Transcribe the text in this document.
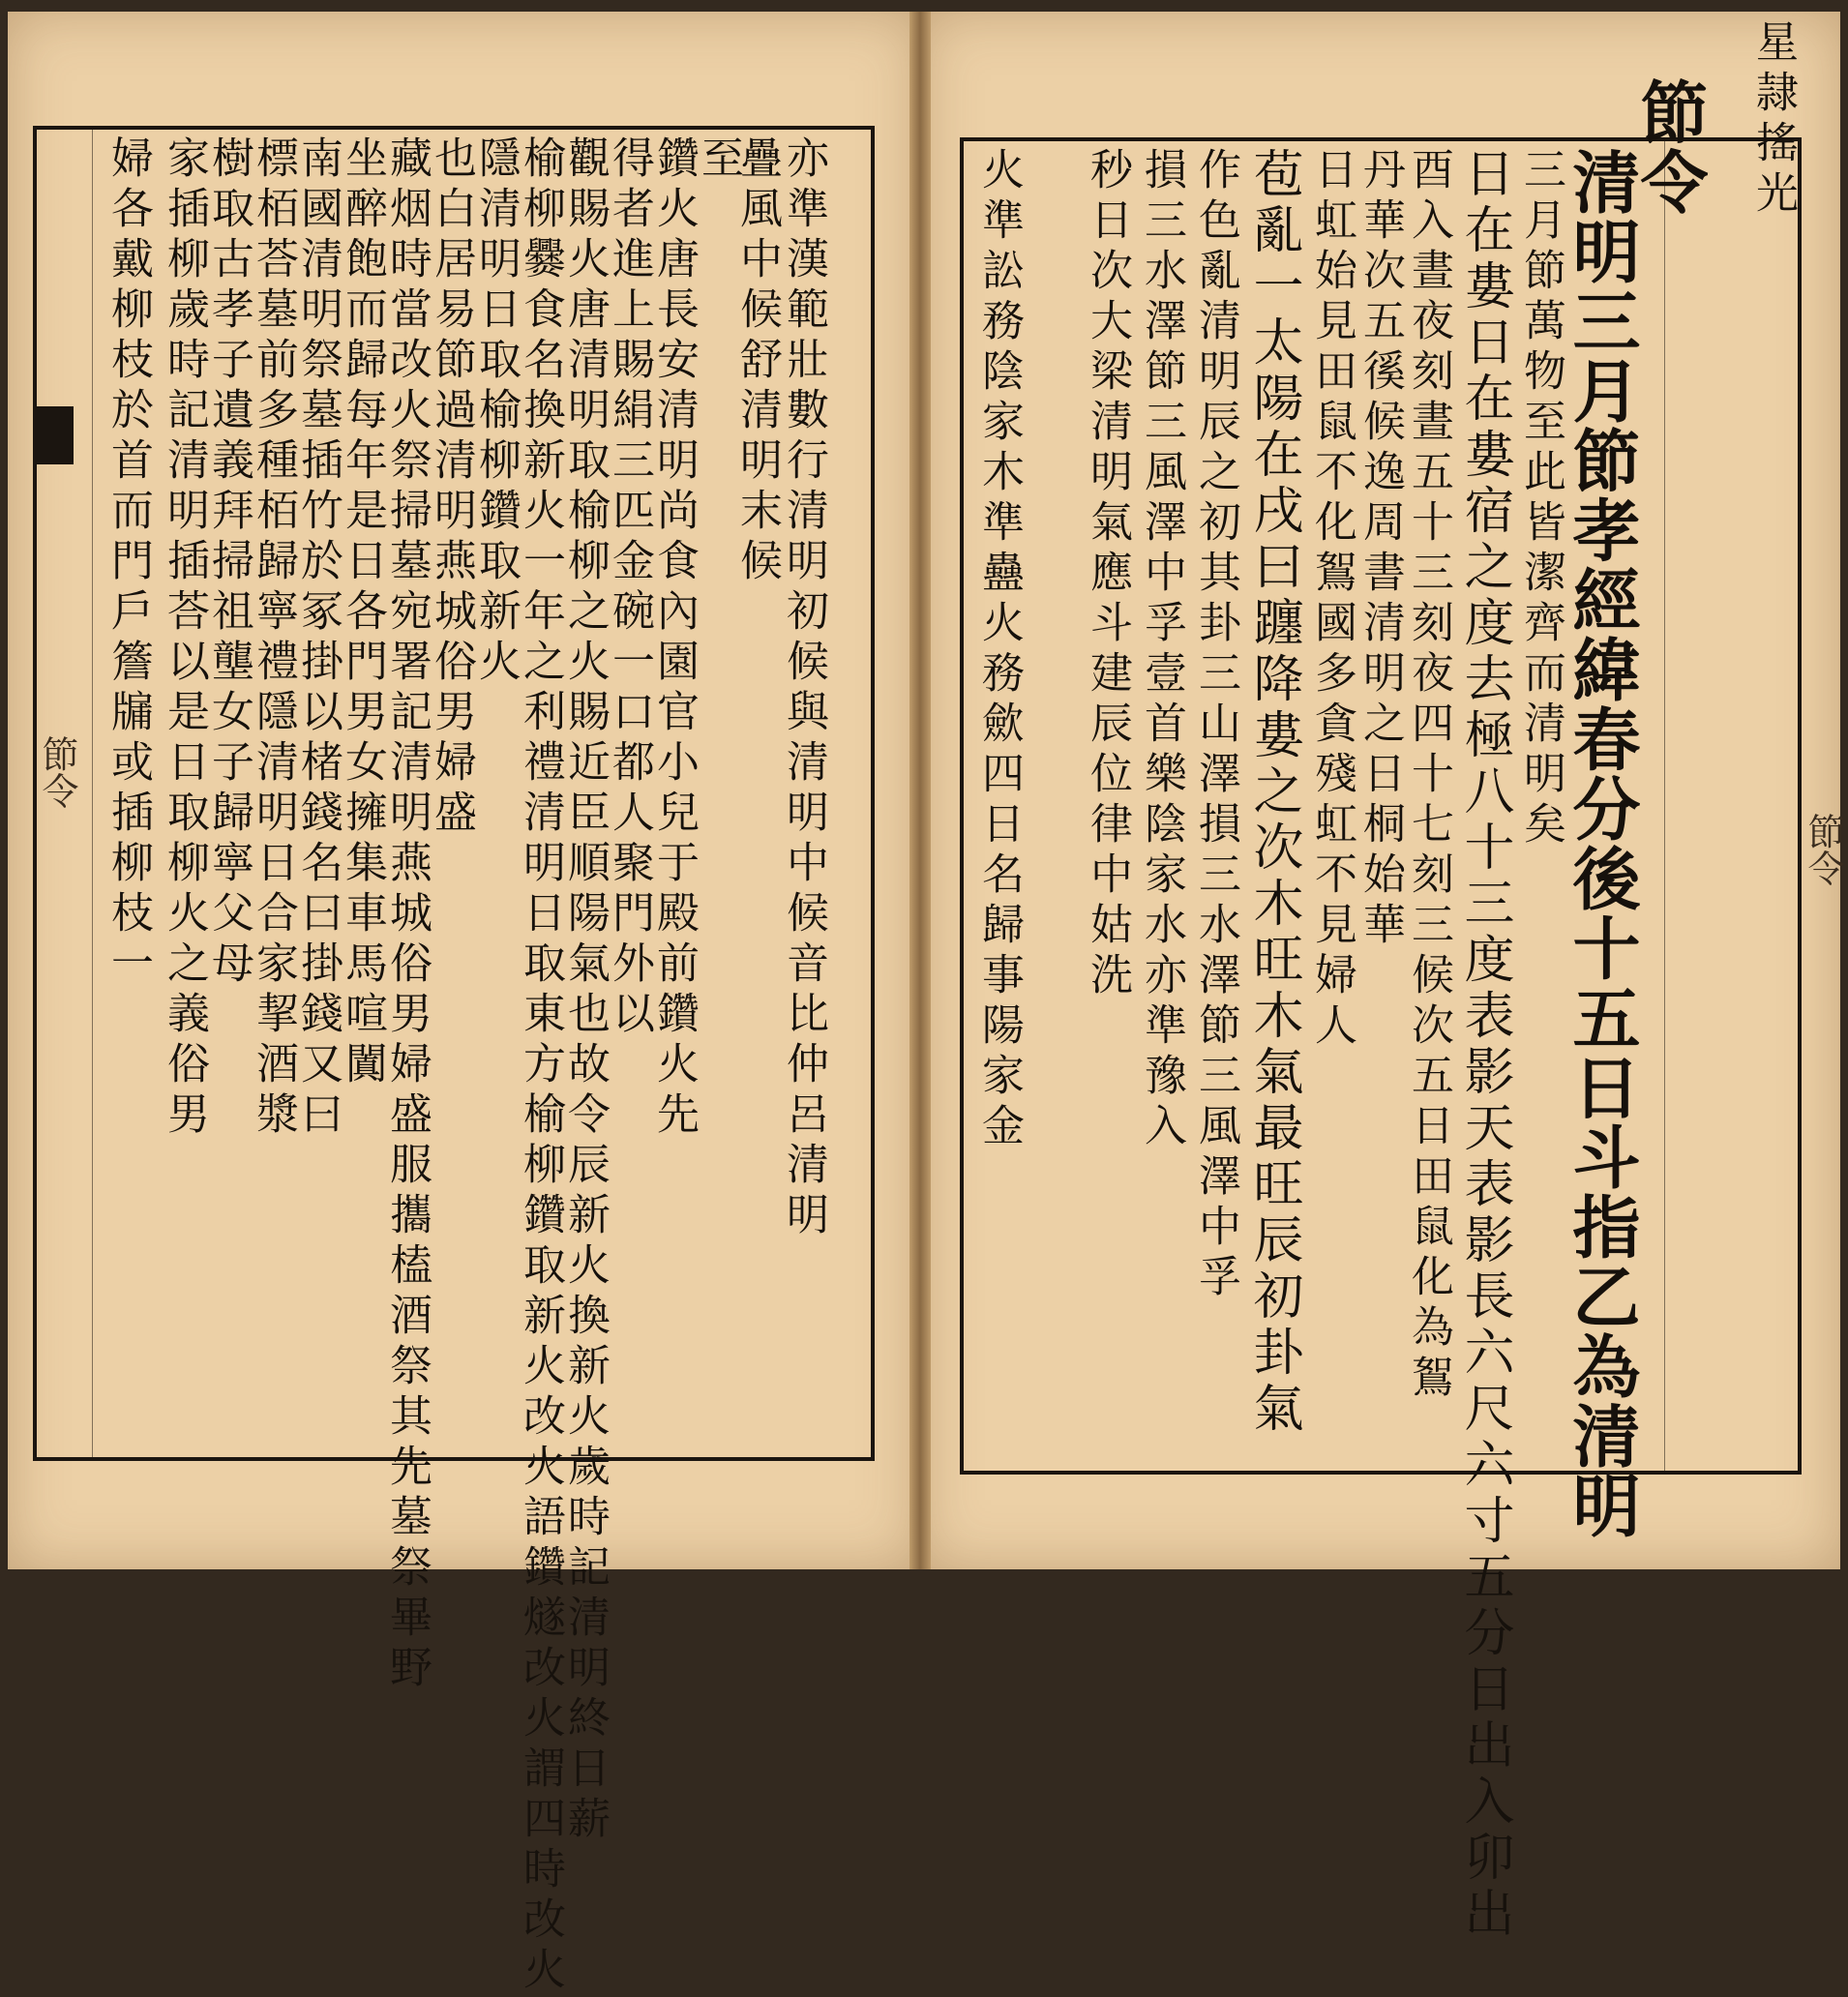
節令	亦準漢範壯數行清明初候與清明中候音比仲呂清明
疊風中候舒清明末候
至
鑽火唐長安清明尚食內園官小兒于殿前鑽火先
得者進上賜絹三匹金碗一口都人聚門外以
觀賜火唐清明取榆柳之火賜近臣順陽氣也故令辰新火換新火歲時記清明終日薪
榆柳爨食名換新火一年之利禮清明日取東方榆柳鑽取新火改火語鑽燧改火謂四時改火
隱清明日取榆柳鑽取新火
也白居易節過清明燕城俗男婦盛
藏烟時當改火祭掃墓宛署記清明燕城俗男婦盛服攜榼酒祭其先墓祭畢野
坐醉飽而歸每年是日各門男女擁集車馬喧闐
南國清明祭墓插竹於冢掛以楮錢名曰掛錢又曰
標栢荅墓前多種栢歸寧禮隱清明日合家挈酒漿
樹取古孝子遺義拜掃祖壟女子歸寧父母
家插柳歲時記清明插荅以是日取柳火之義俗男
婦各戴柳枝於首而門戶簷牖或插柳枝一
星隷搖光
節令
節令
清明三月節孝經緯春分後十五日斗指乙為清明
三月節萬物至此皆潔齊而清明矣
日在婁日在婁宿之度去極八十三度表影天表影長六尺六寸五分日出入卯出
酉入晝夜刻晝五十三刻夜四十七刻三候次五日田鼠化為鴽
丹華次五徯候逸周書清明之日桐始華
日虹始見田鼠不化鴽國多貪殘虹不見婦人
苞亂一太陽在戌曰躔降婁之次木旺木氣最旺辰初卦氣
作色亂清明辰之初其卦三山澤損三水澤節三風澤中孚
損三水澤節三風澤中孚壹首樂陰家水亦準豫入
秒日次大梁清明氣應斗建辰位律中姑洗
火準訟務陰家木準蠱火務歛四日名歸事陽家金
